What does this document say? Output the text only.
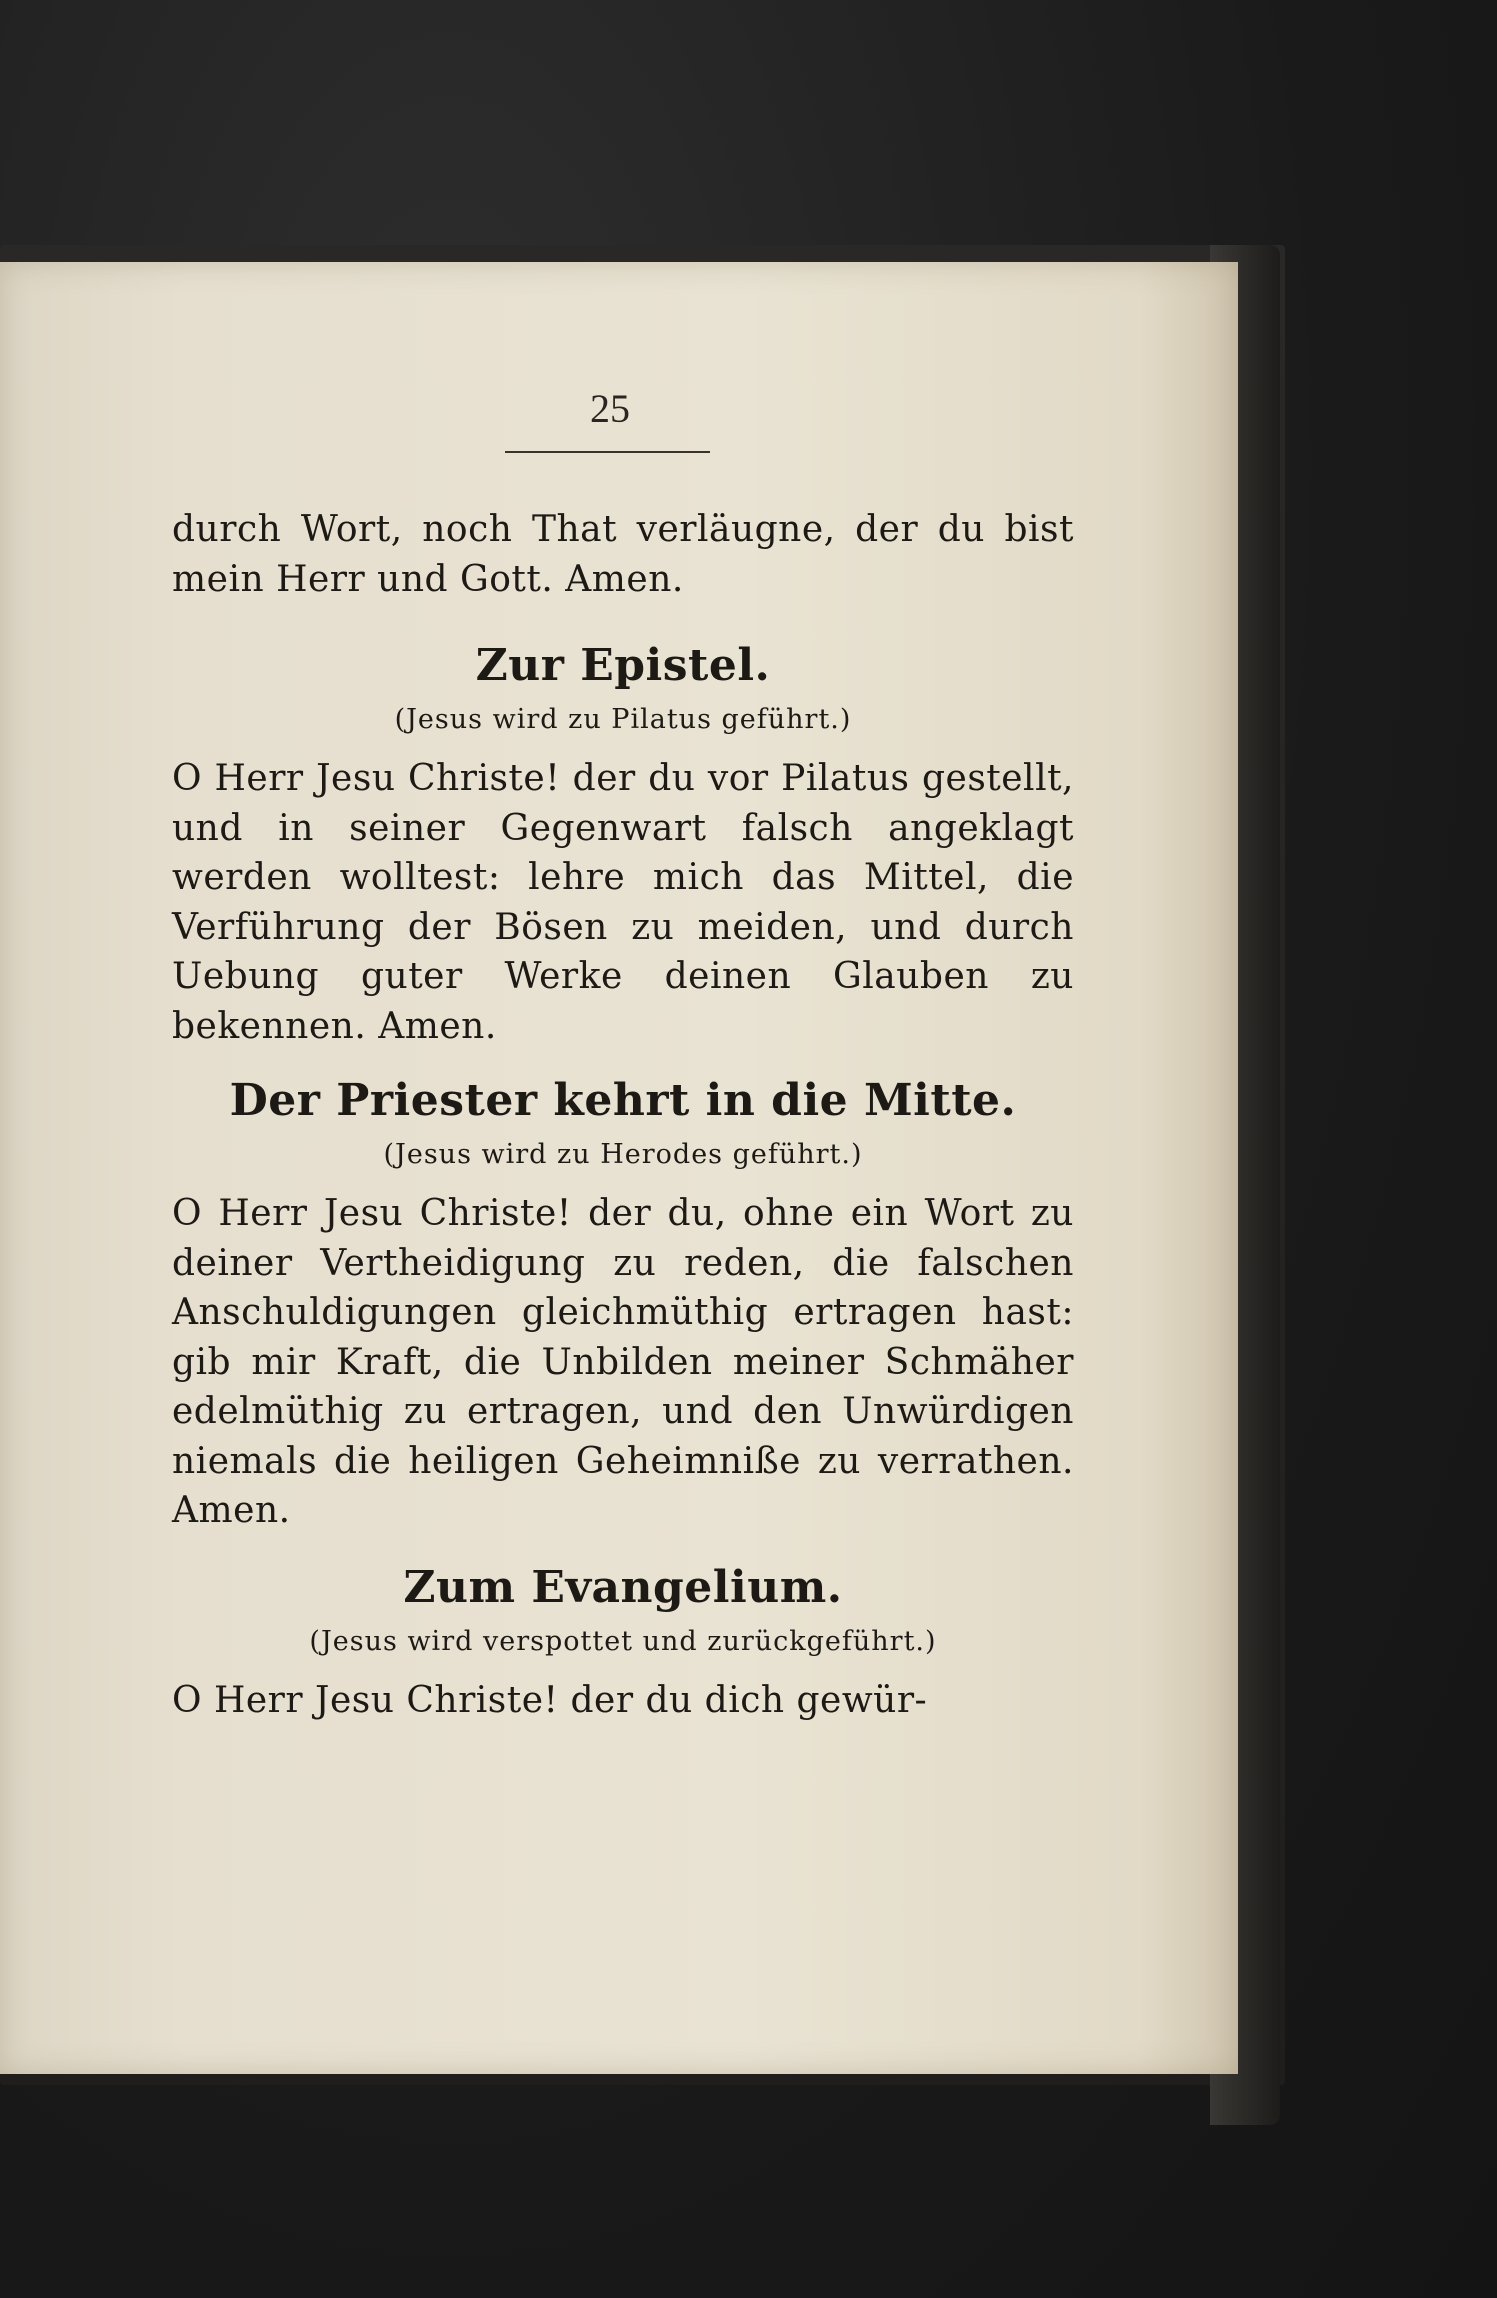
25

durch Wort, noch That verläugne, der du bist mein Herr und Gott. Amen.

Zur Epistel.

(Jesus wird zu Pilatus geführt.)

O Herr Jesu Christe! der du vor Pilatus gestellt, und in seiner Gegenwart falsch angeklagt werden wolltest: lehre mich das Mittel, die Verführung der Bösen zu meiden, und durch Uebung guter Werke deinen Glauben zu bekennen. Amen.

Der Priester kehrt in die Mitte.

(Jesus wird zu Herodes geführt.)

O Herr Jesu Christe! der du, ohne ein Wort zu deiner Vertheidigung zu reden, die falschen Anschuldigungen gleichmüthig ertragen hast: gib mir Kraft, die Unbilden meiner Schmäher edelmüthig zu ertragen, und den Unwürdigen niemals die heiligen Geheimniße zu verrathen. Amen.

Zum Evangelium.

(Jesus wird verspottet und zurückgeführt.)

O Herr Jesu Christe! der du dich gewür-
